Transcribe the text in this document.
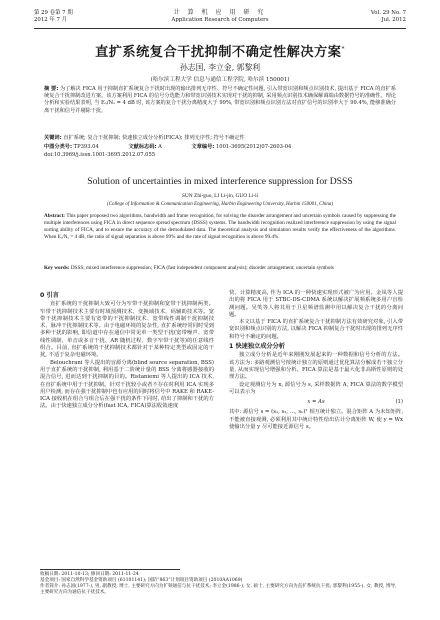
第 29 卷第 7 期
2012 年 7 月
计 算 机 应 用 研 究
Application Research of Computers
Vol. 29 No. 7
Jul. 2012
直扩系统复合干扰抑制不确定性解决方案*
孙志国, 李立金, 郭黎利
(哈尔滨工程大学 信息与通信工程学院, 哈尔滨 150001)
摘 要: 为了解决 FICA 用于抑制直扩系统复合干扰时出现的输出排列无序性、符号不确定性问题, 引入带宽识别和频点识别技术, 提出基于 FICA 的直扩系统复合干扰抑制改进方案。该方案利用 FICA 的信号分选能力和带宽识别技术实现对干扰的抑制, 采用频点识别技术确保解调端由数据符号的准确性。理论分析和实验结果表明, 当 Eₒ/Nₒ = 4 dB 时, 该方案的复合干扰分离精度大于 99%, 带宽识别和频点识别方法对直扩信号的识别率大于 99.4%, 能够准确分离干扰和信号并剔除干扰。
关键词: 直扩系统; 复合干扰抑制; 快速独立成分分析(FICA); 排列无序性; 符号不确定性
中图分类号: TP393.04	文献标志码: A	文章编号: 1001-3695(2012)07-2603-04
doi:10.3969/j.issn.1001-3695.2012.07.055
Solution of uncertainties in mixed interference suppression for DSSS
SUN Zhi-guo, LI Li-jin, GUO Li-li
(College of Information & Communication Engineering, Harbin Engineering University, Harbin 150001, China)
Abstract: This paper proposed two algorithms, bandwidth and frame recognition, for solving the disorder arrangement and uncertain symbols caused by suppressing the multiple interferences using FICA in direct sequence spread spectrum (DSSS) systems. The bandwidth recognition realized interference suppression by using the signal sorting ability of FICA, and to ensure the accuracy of the demodulated data. The theoretical analysis and simulation results verify the effectiveness of the algorithms. When Eₒ/Nₒ = 4 dB, the ratio of signal separation is above 99% and the rate of signal recognition is above 99.4%.
Key words: DSSS; mixed interference suppression; FICA (fast independent component analysis); disorder arrangement; uncertain symbols
0 引言

直扩系统的干扰抑制大致可分为窄带干扰抑制和宽带干扰抑制两类。窄带干扰抑制技术主要有时域预测技术、变换域技术、码辅助技术等。宽带干扰抑制技术主要有宽带的干扰抑制技术、宽带线性调制干扰抑制技术、脉冲干扰抑制技术等。由于电磁环境的复杂性, 直扩系统经常同时受到多种干扰的影响, 即信道中存在通信中常见单一类型干扰(宽带噪声、宽带线性调制、单音或多音干扰、AR 随机过程、数字窄带干扰等)的任意线性组合。目前, 直扩系统的干扰抑制技术都针对于某种特定类型或固定的干扰, 不适于复杂电磁环境。

Belouchrani 等人提出的盲源分离(blind source separation, BSS)用于直扩系统的干扰抑制, 利用基于二阶统计量的 BSS 分离将感器接收的混合信号, 进而达到干扰抑制的目的。Ristaniemi 等人提出的 ICA 技术, 在直扩系统中用于干扰抑制。针对干扰较小或者不存在时利用 ICA 实现多用户检测, 而存在强干扰抑制中也有应用的同时将信号中 RAKE 和 RAKE-ICA 接收机在组合与组合后在强干扰的条件下同时, 给出了抑制和干扰的方法。由于快速独立成分分析(fast ICA, FICA)算法收敛速度

快、计算精度高, 作为 ICA 的一种快速实现形式被广为应用。金凤等人提出的将 FICA 用于 STBC-DS-CDMA 系统以解决扩展频系统多用户盲检测问题。吴笑等人将其用于卫星频谱监测中用以解决复合干扰的分离问题。

本文以基于 FICA 的直扩系统复合干扰抑制方法有效研究对象, 引入带宽识别和频点识别的方法, 以解决 FICA 抑制复合干扰时出现的排列无序性和符号不确定的问题。

1 快速独立成分分析

独立成分分析是近年来刚刚发展起来的一种数据和信号分析的方法。该方法为: 多路观测信号按统计独立的原则通过优化算法分解成若干独立分量, 从而实现信号增强和分析。FICA 算法是基于最大化非高斯性原则的处理方法。

设定观测信号为 x, 源信号为 s, 采样数据阵 A, FICA 算法的数学模型可以表示为

x = As	(1)

其中: 源信号 s = (s₁, s₂, …, sₙ)ᵀ 相互统计独立。混合矩阵 A 为未知矩阵, 不能被直接观测, 必须利用其中统计特性给出估计分离矩阵 W, 使 y = Wx 使输出分量 y 尽可能接近源信号 s。

收稿日期: 2011-10-13; 修回日期: 2011-11-24
基金项目: 国家自然科学基金资助项目 (61101141); 国防“863”计划项目资助项目 (2010AA1069)
作者简介: 孙志国(1977-), 男, 副教授, 博士, 主要研究方向为扩频通信与抗干扰技术; 李立金(1986-), 女, 硕士, 主要研究方向为直扩系统抗干扰; 郭黎利(1955-), 女, 教授, 博导, 主要研究方向为通信抗干扰技术。
